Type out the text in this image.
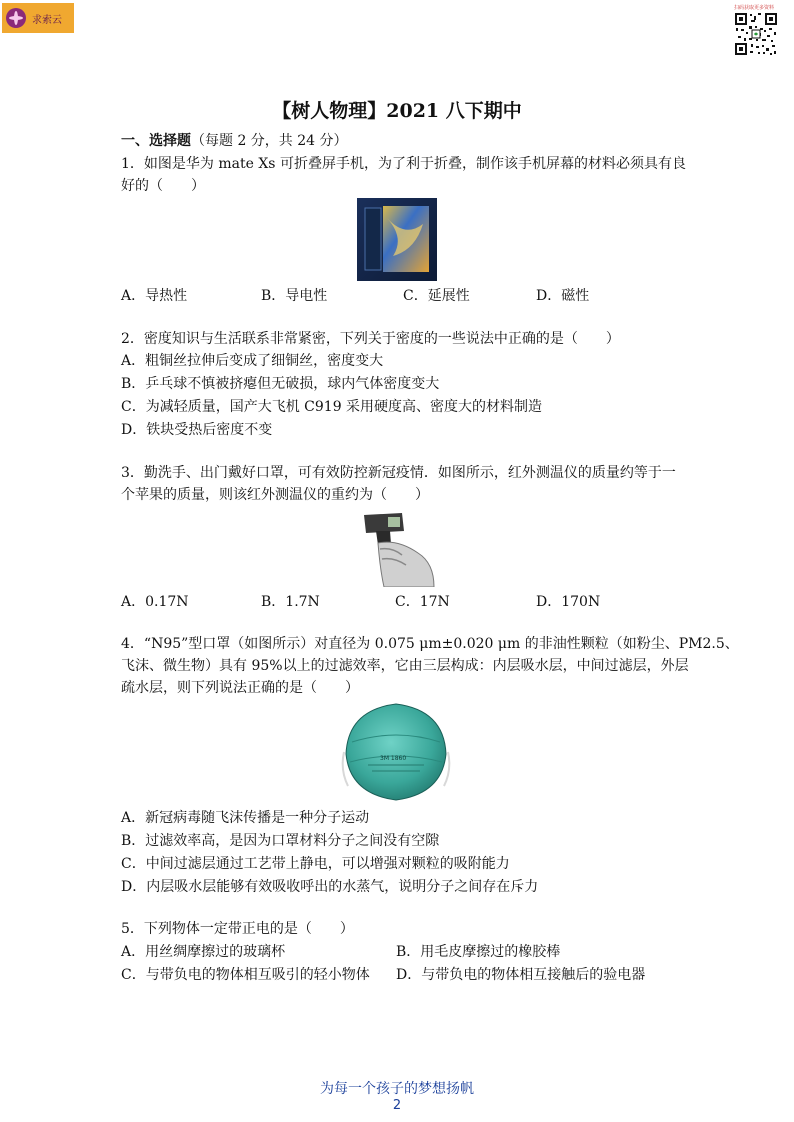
求索云
扫码获取更多资料
【树人物理】2021 八下期中
一、选择题（每题 2 分，共 24 分）
1．如图是华为 mate Xs 可折叠屏手机，为了利于折叠，制作该手机屏幕的材料必须具有良
好的（　　）
A．导热性	B．导电性	C．延展性	D．磁性
2．密度知识与生活联系非常紧密，下列关于密度的一些说法中正确的是（　　）
A．粗铜丝拉伸后变成了细铜丝，密度变大
B．乒乓球不慎被挤瘪但无破损，球内气体密度变大
C．为减轻质量，国产大飞机 C919 采用硬度高、密度大的材料制造
D．铁块受热后密度不变
3．勤洗手、出门戴好口罩，可有效防控新冠疫情．如图所示，红外测温仪的质量约等于一
个苹果的质量，则该红外测温仪的重约为（　　）
A．0.17N	B．1.7N	C．17N	D．170N
4．“N95”型口罩（如图所示）对直径为 0.075 μm±0.020 μm 的非油性颗粒（如粉尘、PM2.5、
飞沫、微生物）具有 95%以上的过滤效率，它由三层构成：内层吸水层，中间过滤层，外层
疏水层，则下列说法正确的是（　　）
3M 1860
A．新冠病毒随飞沫传播是一种分子运动
B．过滤效率高，是因为口罩材料分子之间没有空隙
C．中间过滤层通过工艺带上静电，可以增强对颗粒的吸附能力
D．内层吸水层能够有效吸收呼出的水蒸气，说明分子之间存在斥力
5．下列物体一定带正电的是（　　）
A．用丝绸摩擦过的玻璃杯	B．用毛皮摩擦过的橡胶棒
C．与带负电的物体相互吸引的轻小物体 D．与带负电的物体相互接触后的验电器
为每一个孩子的梦想扬帆
2
